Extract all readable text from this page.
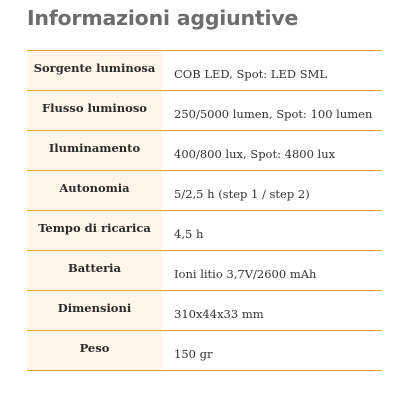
Informazioni aggiuntive
Sorgente luminosa	COB LED, Spot: LED SML
Flusso luminoso	250/5000 lumen, Spot: 100 lumen
Iluminamento	400/800 lux, Spot: 4800 lux
Autonomia	5/2,5 h (step 1 / step 2)
Tempo di ricarica	4,5 h
Batteria	Ioni litio 3,7V/2600 mAh
Dimensioni	310x44x33 mm
Peso	150 gr
